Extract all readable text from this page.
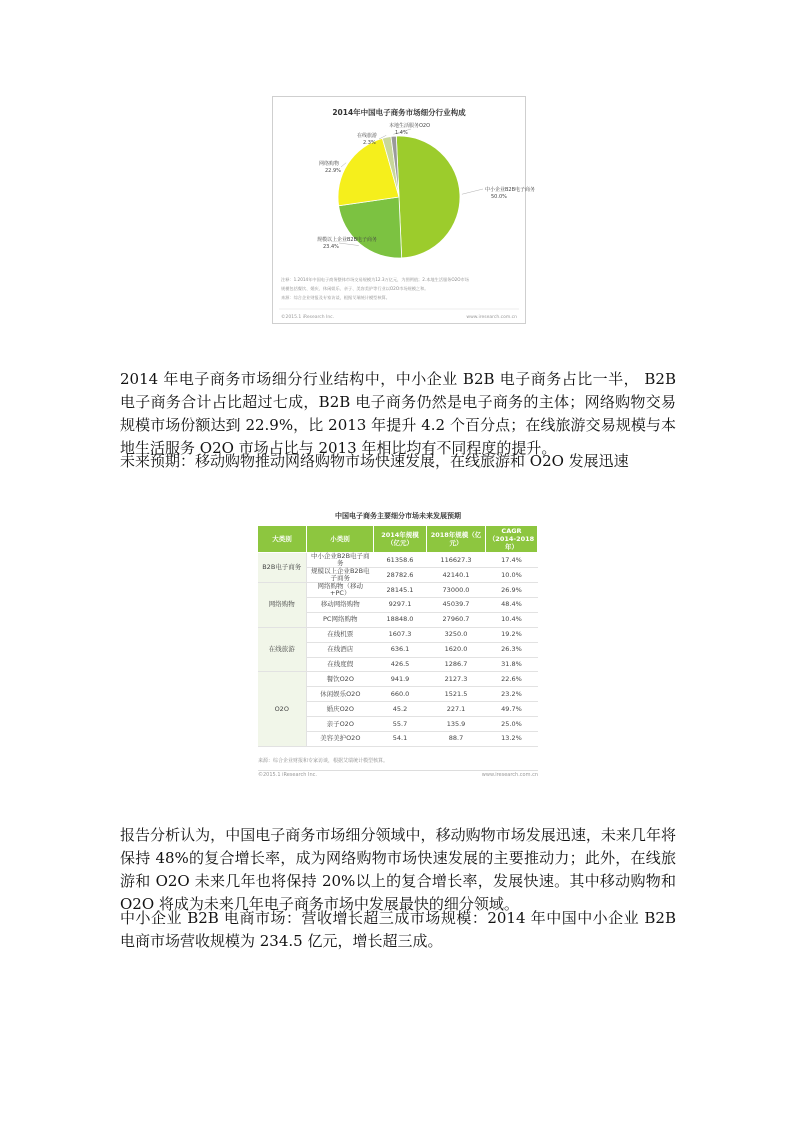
2014年中国电子商务市场细分行业构成
中小企业B2B电子商务
50.0%
规模以上企业B2B电子商务
23.4%
网络购物
22.9%
在线旅游
2.3%
本地生活服务O2O
1.4%
注释：1.2014年中国电子商务整体市场交易规模为12.3万亿元，为图例值；2.本地生活服务O2O市场
规模包括餐饮、婚庆、休闲娱乐、亲子、美容美护等行业以O2O市场规模之和。
来源：综合企业财报及专家访谈，根据艾瑞统计模型核算。
©2015.1 iResearch Inc.	www.iresearch.com.cn

2014 年电子商务市场细分行业结构中，中小企业 B2B 电子商务占比一半， B2B 电子商务合计占比超过七成，B2B 电子商务仍然是电子商务的主体；网络购物交易规模市场份额达到 22.9%，比 2013 年提升 4.2 个百分点；在线旅游交易规模与本地生活服务 O2O 市场占比与 2013 年相比均有不同程度的提升。

未来预期：移动购物推动网络购物市场快速发展，在线旅游和 O2O 发展迅速

中国电子商务主要细分市场未来发展预期
大类别	小类别	2014年规模（亿元）	2018年规模（亿元）	CAGR（2014-2018年）
B2B电子商务	中小企业B2B电子商务	61358.6	116627.3	17.4%
	规模以上企业B2B电子商务	28782.6	42140.1	10.0%
网络购物	网络购物（移动+PC）	28145.1	73000.0	26.9%
	移动网络购物	9297.1	45039.7	48.4%
	PC网络购物	18848.0	27960.7	10.4%
在线旅游	在线机票	1607.3	3250.0	19.2%
	在线酒店	636.1	1620.0	26.3%
	在线度假	426.5	1286.7	31.8%
O2O	餐饮O2O	941.9	2127.3	22.6%
	休闲娱乐O2O	660.0	1521.5	23.2%
	婚庆O2O	45.2	227.1	49.7%
	亲子O2O	55.7	135.9	25.0%
	美容美护O2O	54.1	88.7	13.2%
来源：综合企业财报和专家访谈，根据艾瑞统计模型核算。
©2015.1 iResearch Inc.	www.iresearch.com.cn

报告分析认为，中国电子商务市场细分领域中，移动购物市场发展迅速，未来几年将保持 48%的复合增长率，成为网络购物市场快速发展的主要推动力；此外，在线旅游和 O2O 未来几年也将保持 20%以上的复合增长率，发展快速。其中移动购物和 O2O 将成为未来几年电子商务市场中发展最快的细分领域。

中小企业 B2B 电商市场：营收增长超三成市场规模：2014 年中国中小企业 B2B 电商市场营收规模为 234.5 亿元，增长超三成。
